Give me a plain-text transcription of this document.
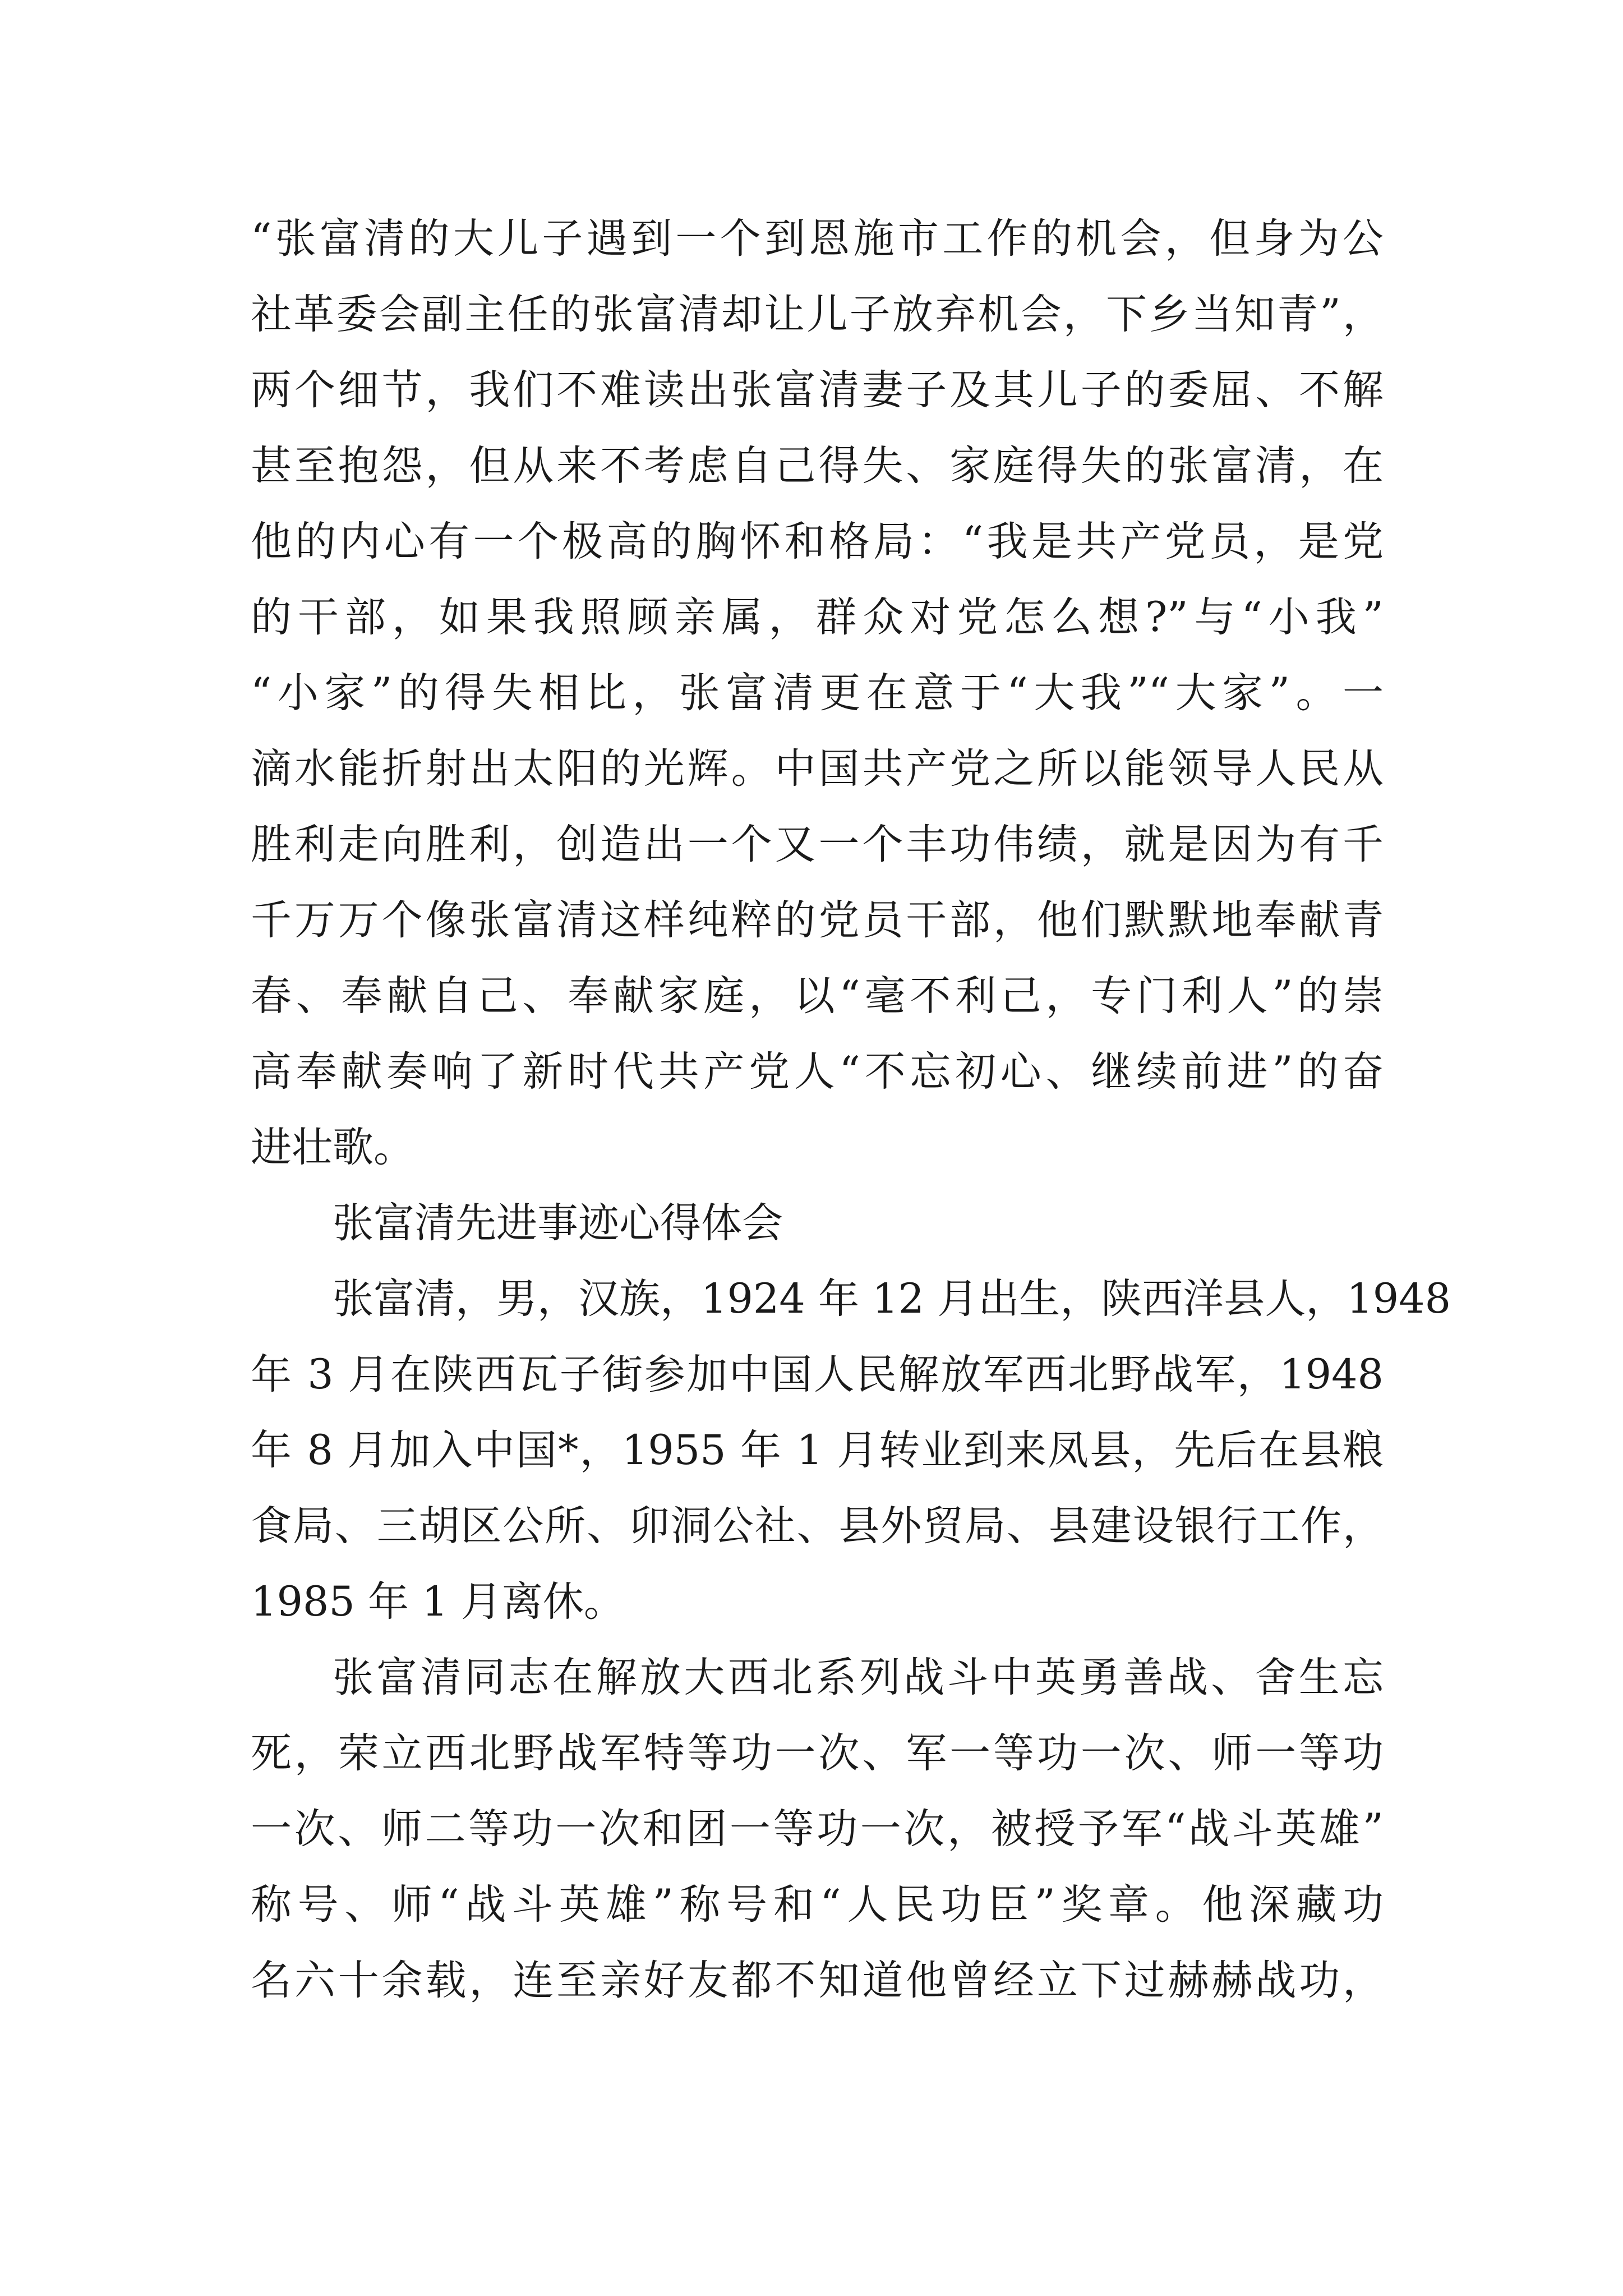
“张富清的大儿子遇到一个到恩施市工作的机会，但身为公
社革委会副主任的张富清却让儿子放弃机会，下乡当知青”，
两个细节，我们不难读出张富清妻子及其儿子的委屈、不解
甚至抱怨，但从来不考虑自己得失、家庭得失的张富清，在
他的内心有一个极高的胸怀和格局：“我是共产党员，是党
的干部，如果我照顾亲属，群众对党怎么想?”与“小我”
“小家”的得失相比，张富清更在意于“大我”“大家”。一
滴水能折射出太阳的光辉。中国共产党之所以能领导人民从
胜利走向胜利，创造出一个又一个丰功伟绩，就是因为有千
千万万个像张富清这样纯粹的党员干部，他们默默地奉献青
春、奉献自己、奉献家庭，以“毫不利己，专门利人”的崇
高奉献奏响了新时代共产党人“不忘初心、继续前进”的奋
进壮歌。
张富清先进事迹心得体会
张富清，男，汉族，1924 年 12 月出生，陕西洋县人，1948
年 3 月在陕西瓦子街参加中国人民解放军西北野战军，1948
年 8 月加入中国*，1955 年 1 月转业到来凤县，先后在县粮
食局、三胡区公所、卯洞公社、县外贸局、县建设银行工作，
1985 年 1 月离休。
张富清同志在解放大西北系列战斗中英勇善战、舍生忘
死，荣立西北野战军特等功一次、军一等功一次、师一等功
一次、师二等功一次和团一等功一次，被授予军“战斗英雄”
称号、师“战斗英雄”称号和“人民功臣”奖章。他深藏功
名六十余载，连至亲好友都不知道他曾经立下过赫赫战功，
